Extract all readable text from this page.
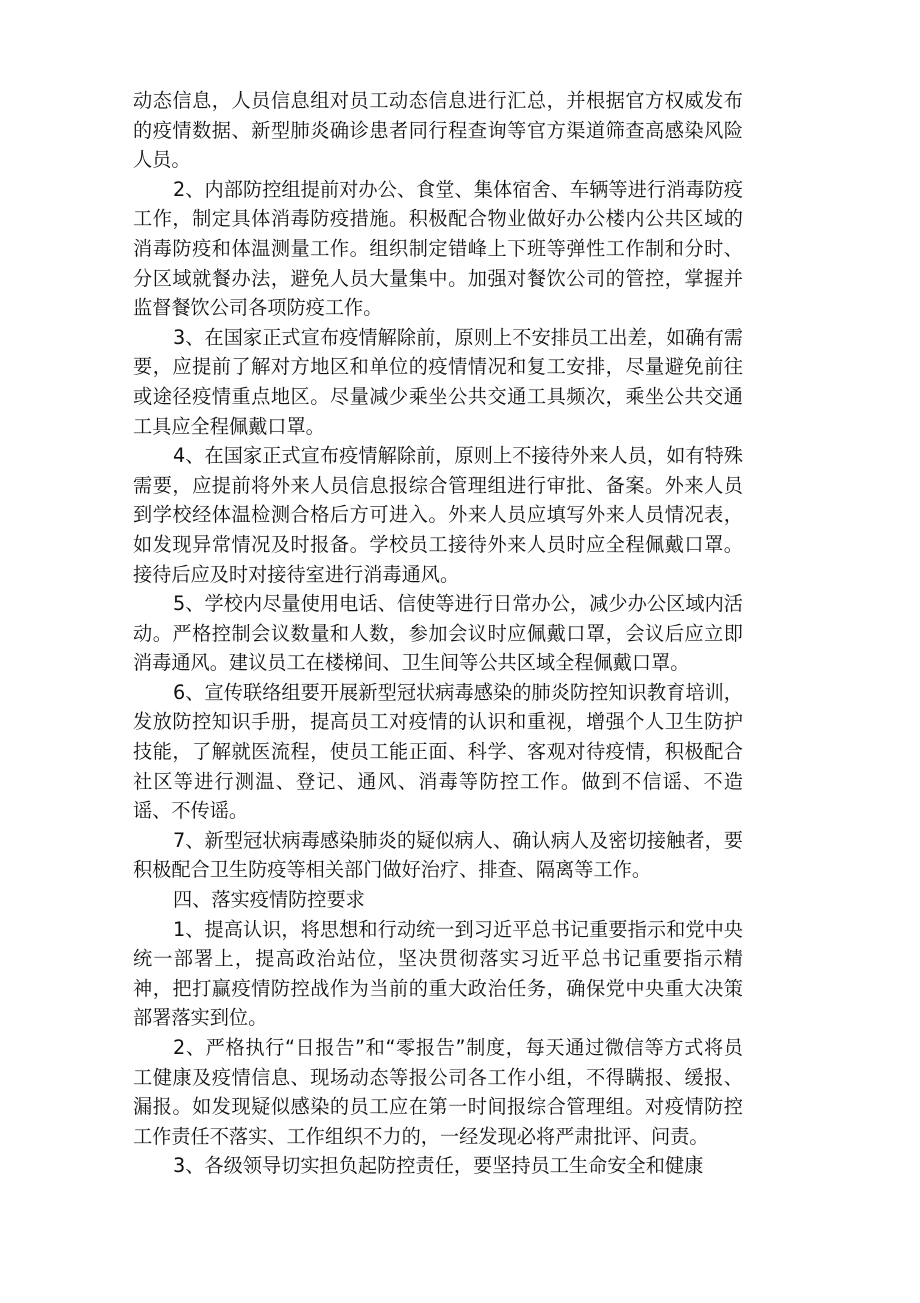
动态信息，人员信息组对员工动态信息进行汇总，并根据官方权威发布的疫情数据、新型肺炎确诊患者同行程查询等官方渠道筛查高感染风险人员。

2、内部防控组提前对办公、食堂、集体宿舍、车辆等进行消毒防疫工作，制定具体消毒防疫措施。积极配合物业做好办公楼内公共区域的消毒防疫和体温测量工作。组织制定错峰上下班等弹性工作制和分时、分区域就餐办法，避免人员大量集中。加强对餐饮公司的管控，掌握并监督餐饮公司各项防疫工作。

3、在国家正式宣布疫情解除前，原则上不安排员工出差，如确有需要，应提前了解对方地区和单位的疫情情况和复工安排，尽量避免前往或途径疫情重点地区。尽量减少乘坐公共交通工具频次，乘坐公共交通工具应全程佩戴口罩。

4、在国家正式宣布疫情解除前，原则上不接待外来人员，如有特殊需要，应提前将外来人员信息报综合管理组进行审批、备案。外来人员到学校经体温检测合格后方可进入。外来人员应填写外来人员情况表，如发现异常情况及时报备。学校员工接待外来人员时应全程佩戴口罩。接待后应及时对接待室进行消毒通风。

5、学校内尽量使用电话、信使等进行日常办公，减少办公区域内活动。严格控制会议数量和人数，参加会议时应佩戴口罩，会议后应立即消毒通风。建议员工在楼梯间、卫生间等公共区域全程佩戴口罩。

6、宣传联络组要开展新型冠状病毒感染的肺炎防控知识教育培训，发放防控知识手册，提高员工对疫情的认识和重视，增强个人卫生防护技能，了解就医流程，使员工能正面、科学、客观对待疫情，积极配合社区等进行测温、登记、通风、消毒等防控工作。做到不信谣、不造谣、不传谣。

7、新型冠状病毒感染肺炎的疑似病人、确认病人及密切接触者，要积极配合卫生防疫等相关部门做好治疗、排查、隔离等工作。

四、落实疫情防控要求

1、提高认识，将思想和行动统一到习近平总书记重要指示和党中央统一部署上，提高政治站位，坚决贯彻落实习近平总书记重要指示精神，把打赢疫情防控战作为当前的重大政治任务，确保党中央重大决策部署落实到位。

2、严格执行“日报告”和“零报告”制度，每天通过微信等方式将员工健康及疫情信息、现场动态等报公司各工作小组，不得瞒报、缓报、漏报。如发现疑似感染的员工应在第一时间报综合管理组。对疫情防控工作责任不落实、工作组织不力的，一经发现必将严肃批评、问责。

3、各级领导切实担负起防控责任，要坚持员工生命安全和健康
